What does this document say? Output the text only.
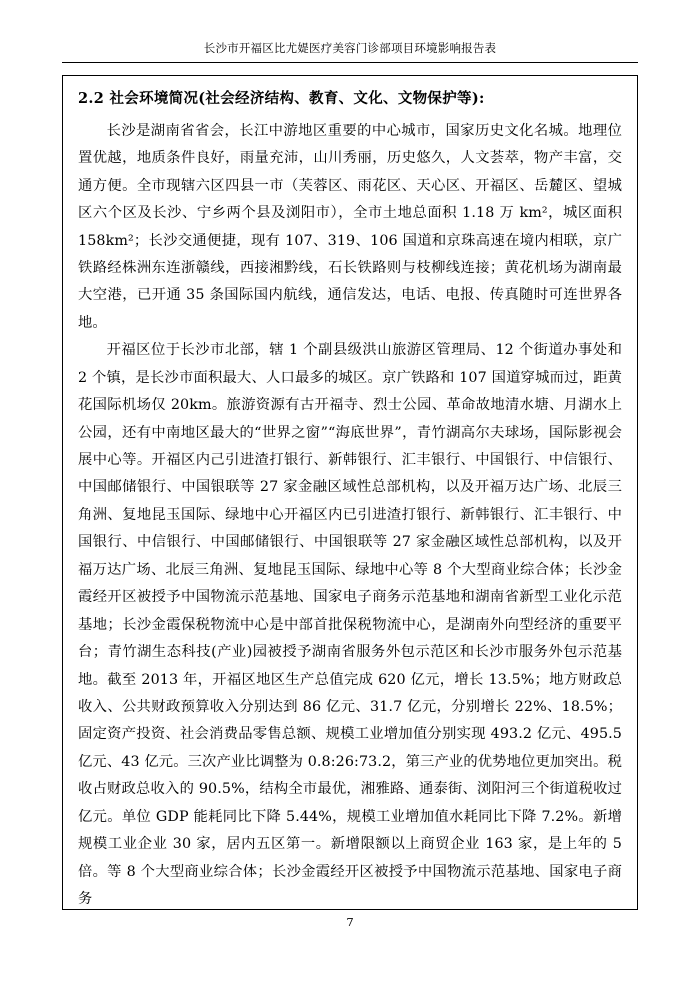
长沙市开福区比尤媞医疗美容门诊部项目环境影响报告表
2.2 社会环境简况(社会经济结构、教育、文化、文物保护等):

长沙是湖南省省会，长江中游地区重要的中心城市，国家历史文化名城。地理位置优越，地质条件良好，雨量充沛，山川秀丽，历史悠久，人文荟萃，物产丰富，交通方便。全市现辖六区四县一市（芙蓉区、雨花区、天心区、开福区、岳麓区、望城区六个区及长沙、宁乡两个县及浏阳市），全市土地总面积 1.18 万 km²，城区面积 158km²；长沙交通便捷，现有 107、319、106 国道和京珠高速在境内相联，京广铁路经株洲东连浙赣线，西接湘黔线，石长铁路则与枝柳线连接；黄花机场为湖南最大空港，已开通 35 条国际国内航线，通信发达，电话、电报、传真随时可连世界各地。

开福区位于长沙市北部，辖 1 个副县级洪山旅游区管理局、12 个街道办事处和 2 个镇，是长沙市面积最大、人口最多的城区。京广铁路和 107 国道穿城而过，距黄花国际机场仅 20km。旅游资源有古开福寺、烈士公园、革命故地清水塘、月湖水上公园，还有中南地区最大的“世界之窗”“海底世界”，青竹湖高尔夫球场，国际影视会展中心等。开福区内己引进渣打银行、新韩银行、汇丰银行、中国银行、中信银行、中国邮储银行、中国银联等 27 家金融区域性总部机构，以及开福万达广场、北辰三角洲、复地昆玉国际、绿地中心开福区内已引进渣打银行、新韩银行、汇丰银行、中国银行、中信银行、中国邮储银行、中国银联等 27 家金融区域性总部机构，以及开福万达广场、北辰三角洲、复地昆玉国际、绿地中心等 8 个大型商业综合体；长沙金霞经开区被授予中国物流示范基地、国家电子商务示范基地和湖南省新型工业化示范基地；长沙金霞保税物流中心是中部首批保税物流中心，是湖南外向型经济的重要平台；青竹湖生态科技(产业)园被授予湖南省服务外包示范区和长沙市服务外包示范基地。截至 2013 年，开福区地区生产总值完成 620 亿元，增长 13.5%；地方财政总收入、公共财政预算收入分别达到 86 亿元、31.7 亿元，分别增长 22%、18.5%；固定资产投资、社会消费品零售总额、规模工业增加值分别实现 493.2 亿元、495.5 亿元、43 亿元。三次产业比调整为 0.8:26:73.2，第三产业的优势地位更加突出。税收占财政总收入的 90.5%，结构全市最优，湘雅路、通泰街、浏阳河三个街道税收过亿元。单位 GDP 能耗同比下降 5.44%，规模工业增加值水耗同比下降 7.2%。新增规模工业企业 30 家，居内五区第一。新增限额以上商贸企业 163 家，是上年的 5 倍。等 8 个大型商业综合体；长沙金霞经开区被授予中国物流示范基地、国家电子商务

7
